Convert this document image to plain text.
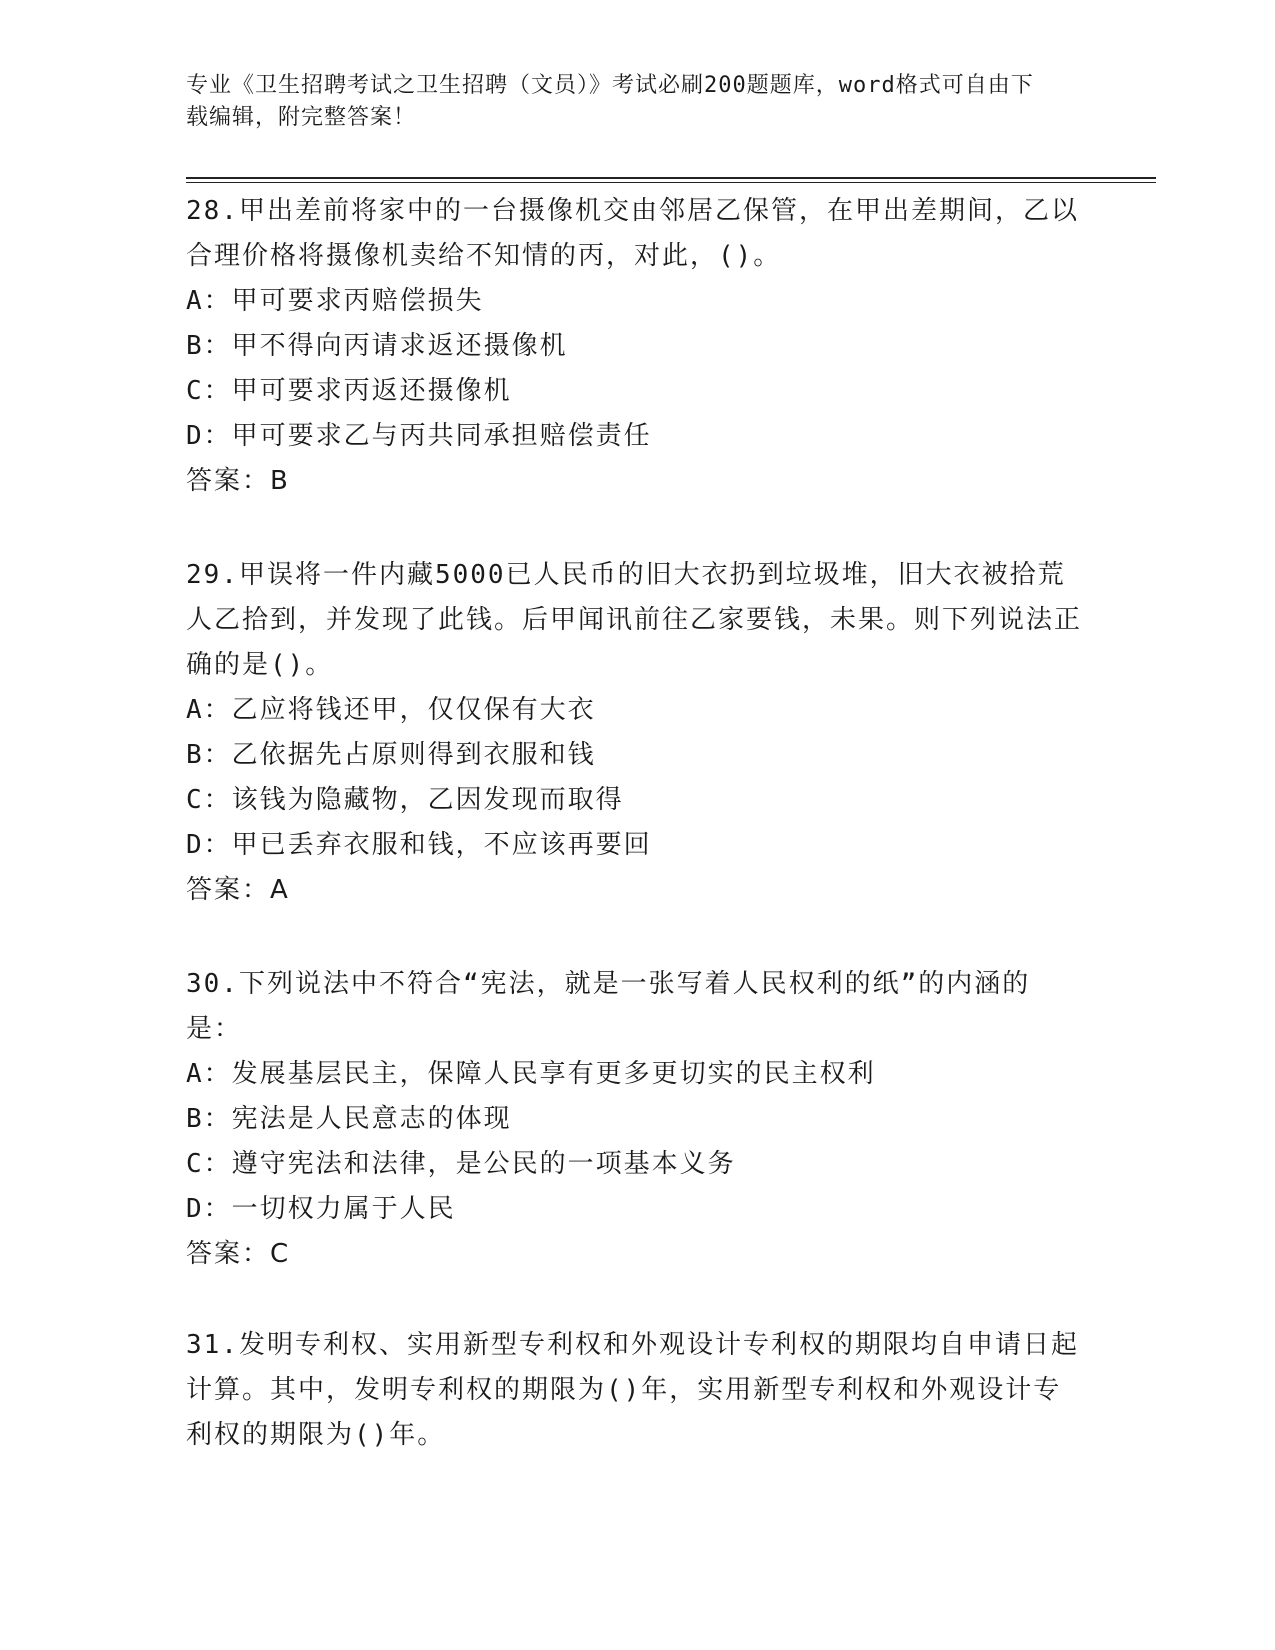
专业《卫生招聘考试之卫生招聘（文员）》考试必刷200题题库，word格式可自由下载编辑，附完整答案！
28.甲出差前将家中的一台摄像机交由邻居乙保管，在甲出差期间，乙以合理价格将摄像机卖给不知情的丙，对此，()。
A：甲可要求丙赔偿损失
B：甲不得向丙请求返还摄像机
C：甲可要求丙返还摄像机
D：甲可要求乙与丙共同承担赔偿责任
答案：B
29.甲误将一件内藏5000已人民币的旧大衣扔到垃圾堆，旧大衣被拾荒人乙拾到，并发现了此钱。后甲闻讯前往乙家要钱，未果。则下列说法正确的是()。
A：乙应将钱还甲，仅仅保有大衣
B：乙依据先占原则得到衣服和钱
C：该钱为隐藏物，乙因发现而取得
D：甲已丢弃衣服和钱，不应该再要回
答案：A
30.下列说法中不符合“宪法，就是一张写着人民权利的纸”的内涵的是：
A：发展基层民主，保障人民享有更多更切实的民主权利
B：宪法是人民意志的体现
C：遵守宪法和法律，是公民的一项基本义务
D：一切权力属于人民
答案：C
31.发明专利权、实用新型专利权和外观设计专利权的期限均自申请日起计算。其中，发明专利权的期限为()年，实用新型专利权和外观设计专利权的期限为()年。
